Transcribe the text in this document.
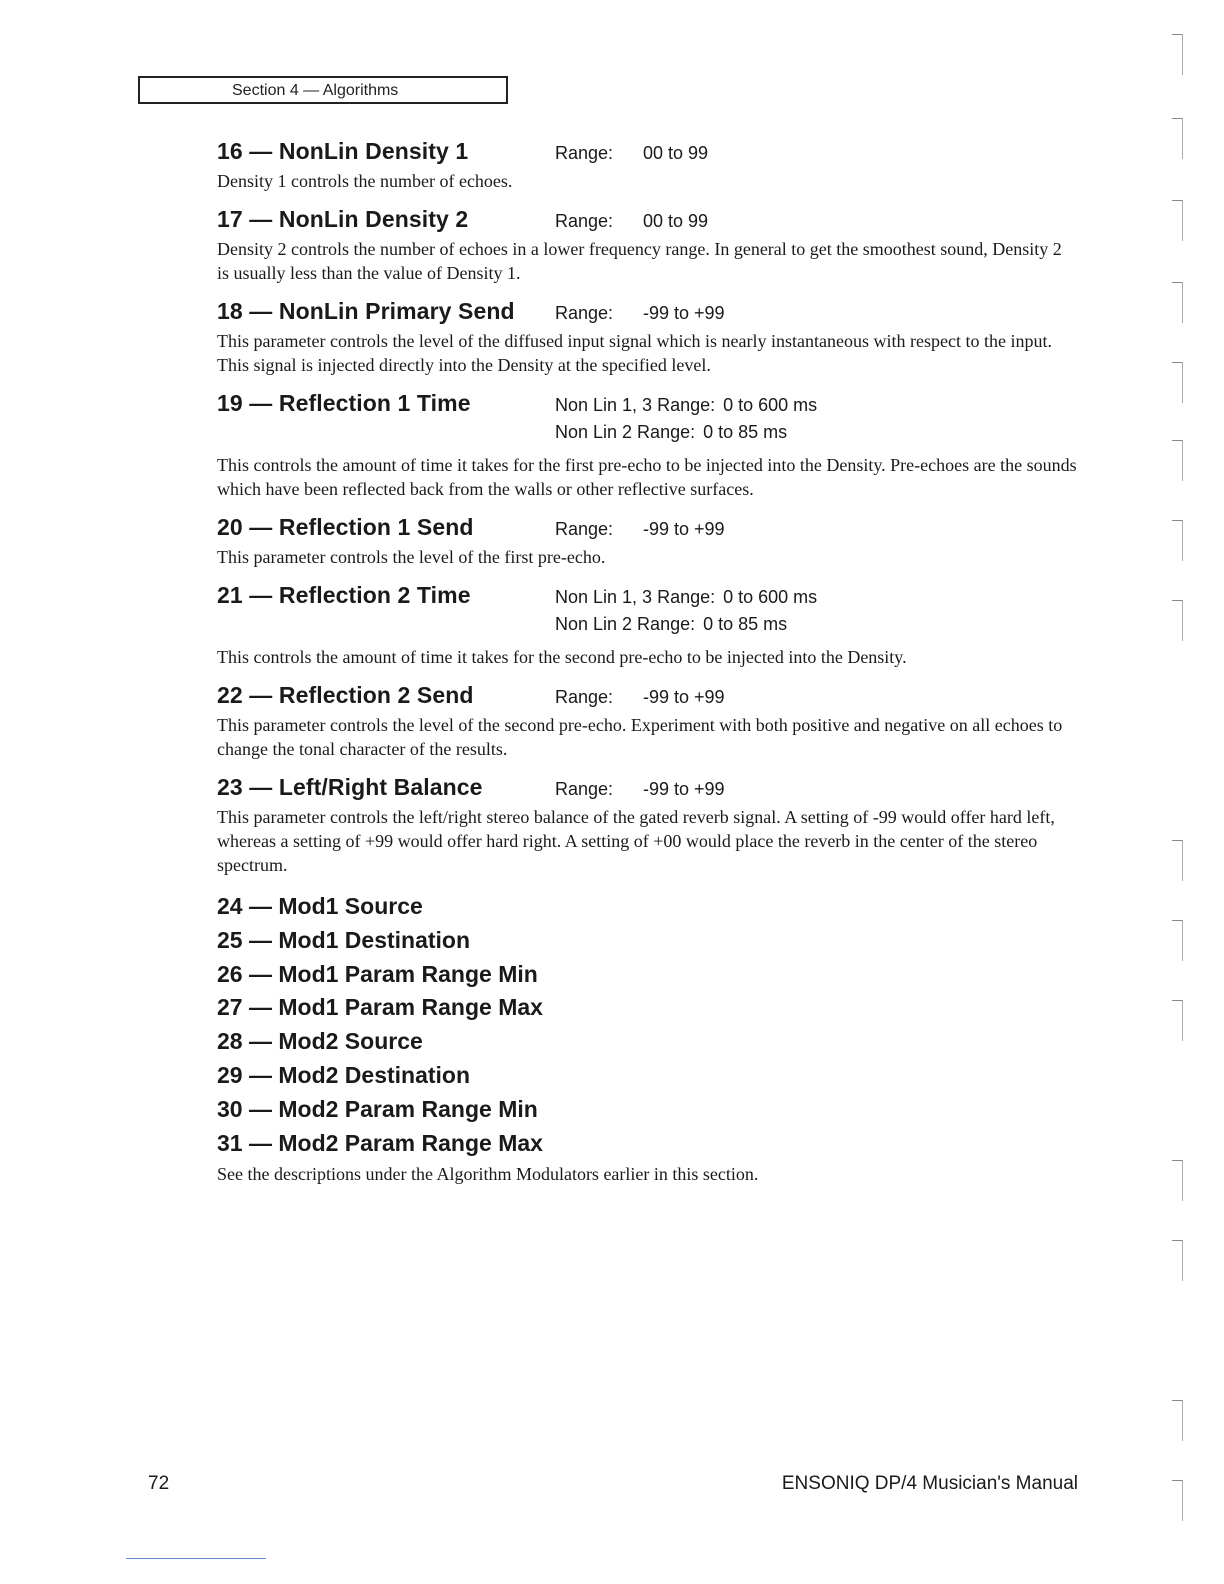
Section 4 — Algorithms
16 — NonLin Density 1	Range: 00 to 99
Density 1 controls the number of echoes.
17 — NonLin Density 2	Range: 00 to 99
Density 2 controls the number of echoes in a lower frequency range. In general to get the smoothest sound, Density 2 is usually less than the value of Density 1.
18 — NonLin Primary Send	Range: -99 to +99
This parameter controls the level of the diffused input signal which is nearly instantaneous with respect to the input. This signal is injected directly into the Density at the specified level.
19 — Reflection 1 Time	Non Lin 1, 3 Range: 0 to 600 ms
Non Lin 2 Range: 0 to 85 ms
This controls the amount of time it takes for the first pre-echo to be injected into the Density. Pre-echoes are the sounds which have been reflected back from the walls or other reflective surfaces.
20 — Reflection 1 Send	Range: -99 to +99
This parameter controls the level of the first pre-echo.
21 — Reflection 2 Time	Non Lin 1, 3 Range: 0 to 600 ms
Non Lin 2 Range: 0 to 85 ms
This controls the amount of time it takes for the second pre-echo to be injected into the Density.
22 — Reflection 2 Send	Range: -99 to +99
This parameter controls the level of the second pre-echo. Experiment with both positive and negative on all echoes to change the tonal character of the results.
23 — Left/Right Balance	Range: -99 to +99
This parameter controls the left/right stereo balance of the gated reverb signal. A setting of -99 would offer hard left, whereas a setting of +99 would offer hard right. A setting of +00 would place the reverb in the center of the stereo spectrum.
24 — Mod1 Source
25 — Mod1 Destination
26 — Mod1 Param Range Min
27 — Mod1 Param Range Max
28 — Mod2 Source
29 — Mod2 Destination
30 — Mod2 Param Range Min
31 — Mod2 Param Range Max
See the descriptions under the Algorithm Modulators earlier in this section.
72	ENSONIQ DP/4 Musician's Manual
